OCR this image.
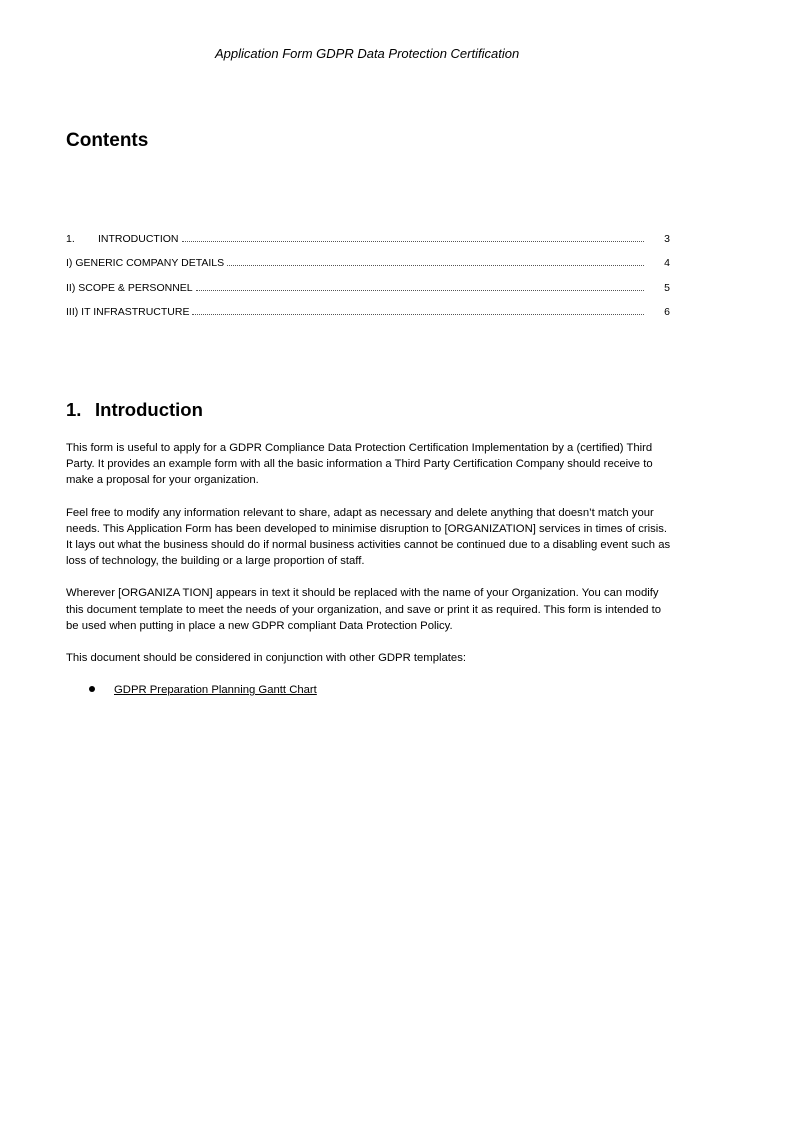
Application Form GDPR Data Protection Certification
Contents
1.	INTRODUCTION	3
I) GENERIC COMPANY DETAILS	4
II) SCOPE & PERSONNEL	5
III) IT INFRASTRUCTURE	6
1. Introduction

This form is useful to apply for a GDPR Compliance Data Protection Certification Implementation by a (certified) Third Party. It provides an example form with all the basic information a Third Party Certification Company should receive to make a proposal for your organization.

Feel free to modify any information relevant to share, adapt as necessary and delete anything that doesn’t match your needs. This Application Form has been developed to minimise disruption to [ORGANIZATION] services in times of crisis. It lays out what the business should do if normal business activities cannot be continued due to a disabling event such as loss of technology, the building or a large proportion of staff.

Wherever [ORGANIZA TION] appears in text it should be replaced with the name of your Organization. You can modify this document template to meet the needs of your organization, and save or print it as required. This form is intended to be used when putting in place a new GDPR compliant Data Protection Policy.

This document should be considered in conjunction with other GDPR templates:

GDPR Preparation Planning Gantt Chart
